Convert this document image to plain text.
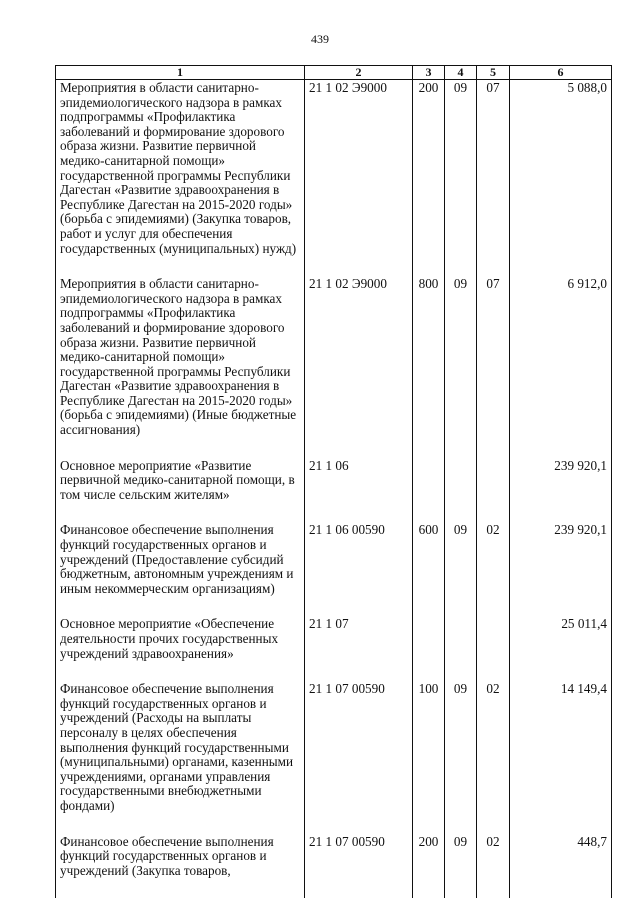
439
1	2	3	4	5	6
Мероприятия в области санитарно-эпидемиологического надзора в рамках подпрограммы «Профилактика заболеваний и формирование здорового образа жизни. Развитие первичной медико-санитарной помощи» государственной программы Республики Дагестан «Развитие здравоохранения в Республике Дагестан на 2015-2020 годы» (борьба с эпидемиями) (Закупка товаров, работ и услуг для обеспечения государственных (муниципальных) нужд)	21 1 02 Э9000	200	09	07	5 088,0
Мероприятия в области санитарно-эпидемиологического надзора в рамках подпрограммы «Профилактика заболеваний и формирование здорового образа жизни. Развитие первичной медико-санитарной помощи» государственной программы Республики Дагестан «Развитие здравоохранения в Республике Дагестан на 2015-2020 годы» (борьба с эпидемиями) (Иные бюджетные ассигнования)	21 1 02 Э9000	800	09	07	6 912,0
Основное мероприятие «Развитие первичной медико-санитарной помощи, в том числе сельским жителям»	21 1 06				239 920,1
Финансовое обеспечение выполнения функций государственных органов и учреждений (Предоставление субсидий бюджетным, автономным учреждениям и иным некоммерческим организациям)	21 1 06 00590	600	09	02	239 920,1
Основное мероприятие «Обеспечение деятельности прочих государственных учреждений здравоохранения»	21 1 07				25 011,4
Финансовое обеспечение выполнения функций государственных органов и учреждений (Расходы на выплаты персоналу в целях обеспечения выполнения функций государственными (муниципальными) органами, казенными учреждениями, органами управления государственными внебюджетными фондами)	21 1 07 00590	100	09	02	14 149,4
Финансовое обеспечение выполнения функций государственных органов и учреждений (Закупка товаров,	21 1 07 00590	200	09	02	448,7
